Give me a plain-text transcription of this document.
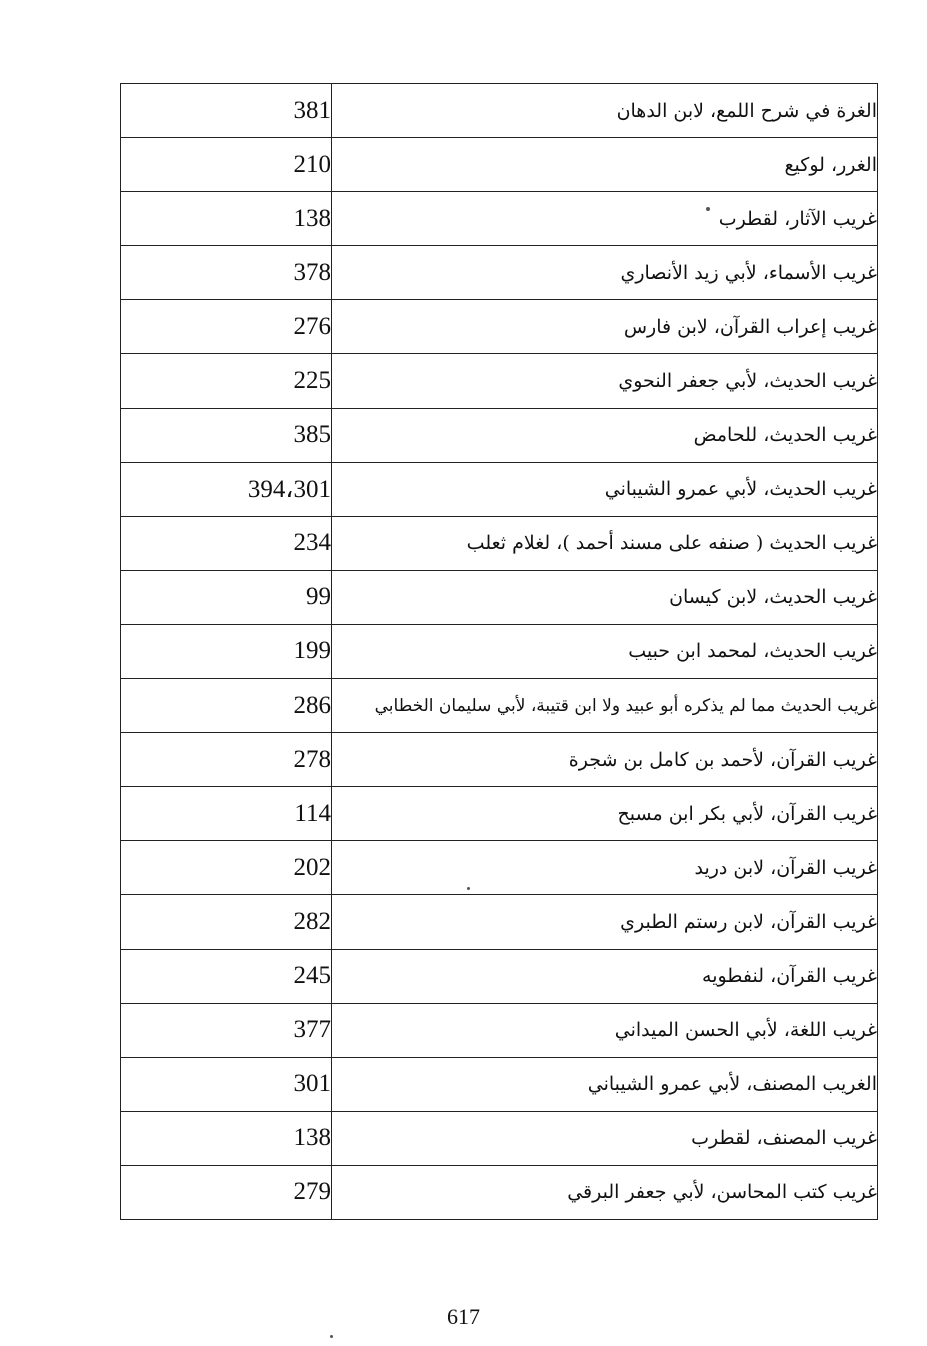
381	الغرة في شرح اللمع، لابن الدهان
210	الغرر، لوكيع
138	غريب الآثار، لقطرب
378	غريب الأسماء، لأبي زيد الأنصاري
276	غريب إعراب القرآن، لابن فارس
225	غريب الحديث، لأبي جعفر النحوي
385	غريب الحديث، للحامض
394،301	غريب الحديث، لأبي عمرو الشيباني
234	غريب الحديث ( صنفه على مسند أحمد )، لغلام ثعلب
99	غريب الحديث، لابن كيسان
199	غريب الحديث، لمحمد ابن حبيب
286	غريب الحديث مما لم يذكره أبو عبيد ولا ابن قتيبة، لأبي سليمان الخطابي
278	غريب القرآن، لأحمد بن كامل بن شجرة
114	غريب القرآن، لأبي بكر ابن مسبح
202	غريب القرآن، لابن دريد
282	غريب القرآن، لابن رستم الطبري
245	غريب القرآن، لنفطويه
377	غريب اللغة، لأبي الحسن الميداني
301	الغريب المصنف، لأبي عمرو الشيباني
138	غريب المصنف، لقطرب
279	غريب كتب المحاسن، لأبي جعفر البرقي
617
